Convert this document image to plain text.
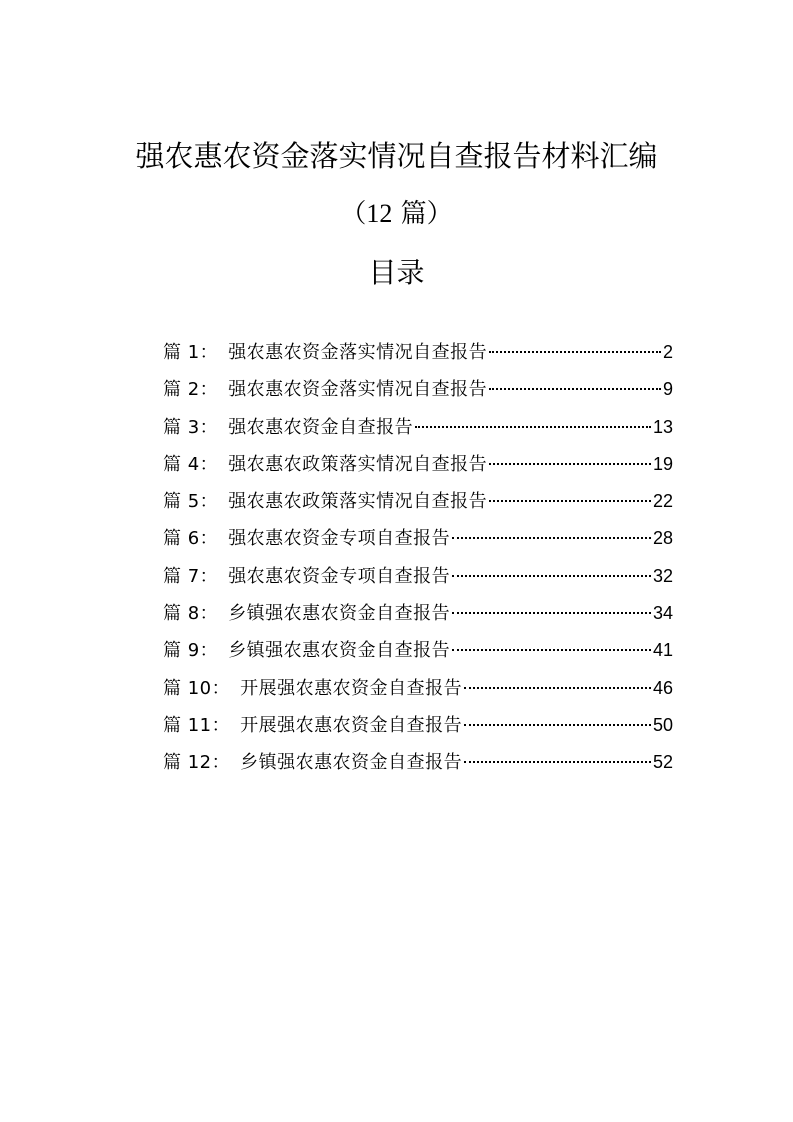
强农惠农资金落实情况自查报告材料汇编
（12 篇）
目录
篇 1： 强农惠农资金落实情况自查报告	2
篇 2： 强农惠农资金落实情况自查报告	9
篇 3： 强农惠农资金自查报告	13
篇 4： 强农惠农政策落实情况自查报告	19
篇 5： 强农惠农政策落实情况自查报告	22
篇 6： 强农惠农资金专项自查报告	28
篇 7： 强农惠农资金专项自查报告	32
篇 8： 乡镇强农惠农资金自查报告	34
篇 9： 乡镇强农惠农资金自查报告	41
篇 10： 开展强农惠农资金自查报告	46
篇 11： 开展强农惠农资金自查报告	50
篇 12： 乡镇强农惠农资金自查报告	52
